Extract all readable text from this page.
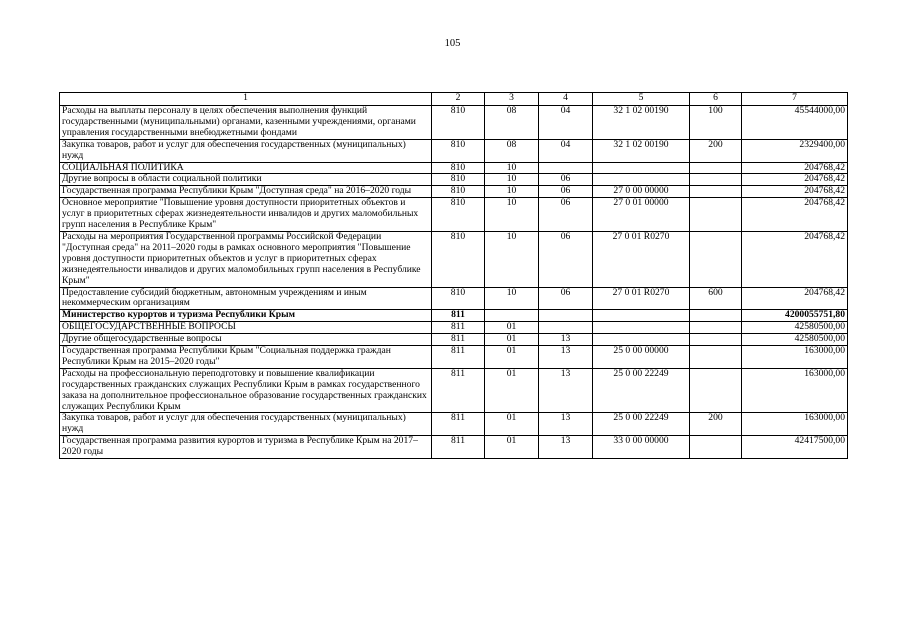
105
1	2	3	4	5	6	7
Расходы на выплаты персоналу в целях обеспечения выполнения функций государственными (муниципальными) органами, казенными учреждениями, органами управления государственными внебюджетными фондами	810	08	04	32 1 02 00190	100	45544000,00
Закупка товаров, работ и услуг для обеспечения государственных (муниципальных) нужд	810	08	04	32 1 02 00190	200	2329400,00
СОЦИАЛЬНАЯ ПОЛИТИКА	810	10				204768,42
Другие вопросы в области социальной политики	810	10	06			204768,42
Государственная программа Республики Крым "Доступная среда" на 2016–2020 годы	810	10	06	27 0 00 00000		204768,42
Основное мероприятие "Повышение уровня доступности приоритетных объектов и услуг в приоритетных сферах жизнедеятельности инвалидов и других маломобильных групп населения в Республике Крым"	810	10	06	27 0 01 00000		204768,42
Расходы на мероприятия Государственной программы Российской Федерации "Доступная среда" на 2011–2020 годы в рамках основного мероприятия "Повышение уровня доступности приоритетных объектов и услуг в приоритетных сферах жизнедеятельности инвалидов и других маломобильных групп населения в Республике Крым"	810	10	06	27 0 01 R0270		204768,42
Предоставление субсидий бюджетным, автономным учреждениям и иным некоммерческим организациям	810	10	06	27 0 01 R0270	600	204768,42
Министерство курортов и туризма Республики Крым	811					4200055751,80
ОБЩЕГОСУДАРСТВЕННЫЕ ВОПРОСЫ	811	01				42580500,00
Другие общегосударственные вопросы	811	01	13			42580500,00
Государственная программа Республики Крым "Социальная поддержка граждан Республики Крым на 2015–2020 годы"	811	01	13	25 0 00 00000		163000,00
Расходы на профессиональную переподготовку и повышение квалификации государственных гражданских служащих Республики Крым в рамках государственного заказа на дополнительное профессиональное образование государственных гражданских служащих Республики Крым	811	01	13	25 0 00 22249		163000,00
Закупка товаров, работ и услуг для обеспечения государственных (муниципальных) нужд	811	01	13	25 0 00 22249	200	163000,00
Государственная программа развития курортов и туризма в Республике Крым на 2017–2020 годы	811	01	13	33 0 00 00000		42417500,00
